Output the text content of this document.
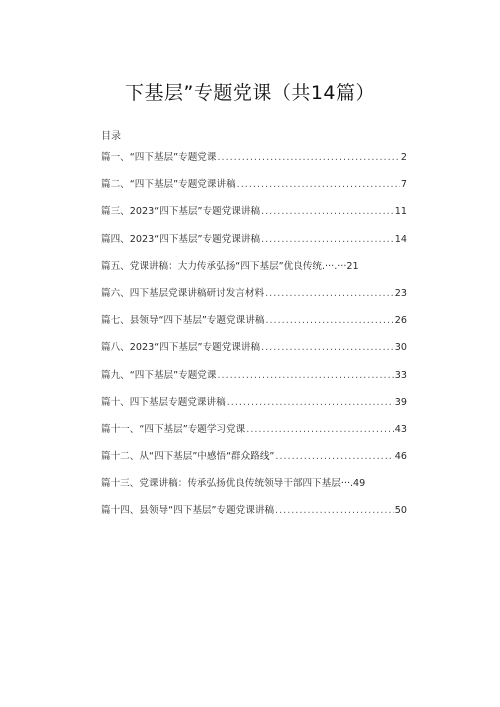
下基层”专题党课（共14篇）
目录
篇一、“四下基层”专题党课 .....	2
篇二、“四下基层”专题党课讲稿 .....	7
篇三、2023“四下基层”专题党课讲稿 .....	11
篇四、2023“四下基层”专题党课讲稿 .....	14
篇五、党课讲稿：大力传承弘扬“四下基层”优良传统.···.···21
篇六、四下基层党课讲稿研讨发言材料 .....	23
篇七、县领导“四下基层”专题党课讲稿 .....	26
篇八、2023“四下基层”专题党课讲稿 .....	30
篇九、“四下基层”专题党课 .....	33
篇十、四下基层专题党课讲稿 .....	39
篇十一、“四下基层”专题学习党课 .....	43
篇十二、从“四下基层”中感悟“群众路线” .....	46
篇十三、党课讲稿：传承弘扬优良传统领导干部四下基层···.49
篇十四、县领导“四下基层”专题党课讲稿 .....	50
